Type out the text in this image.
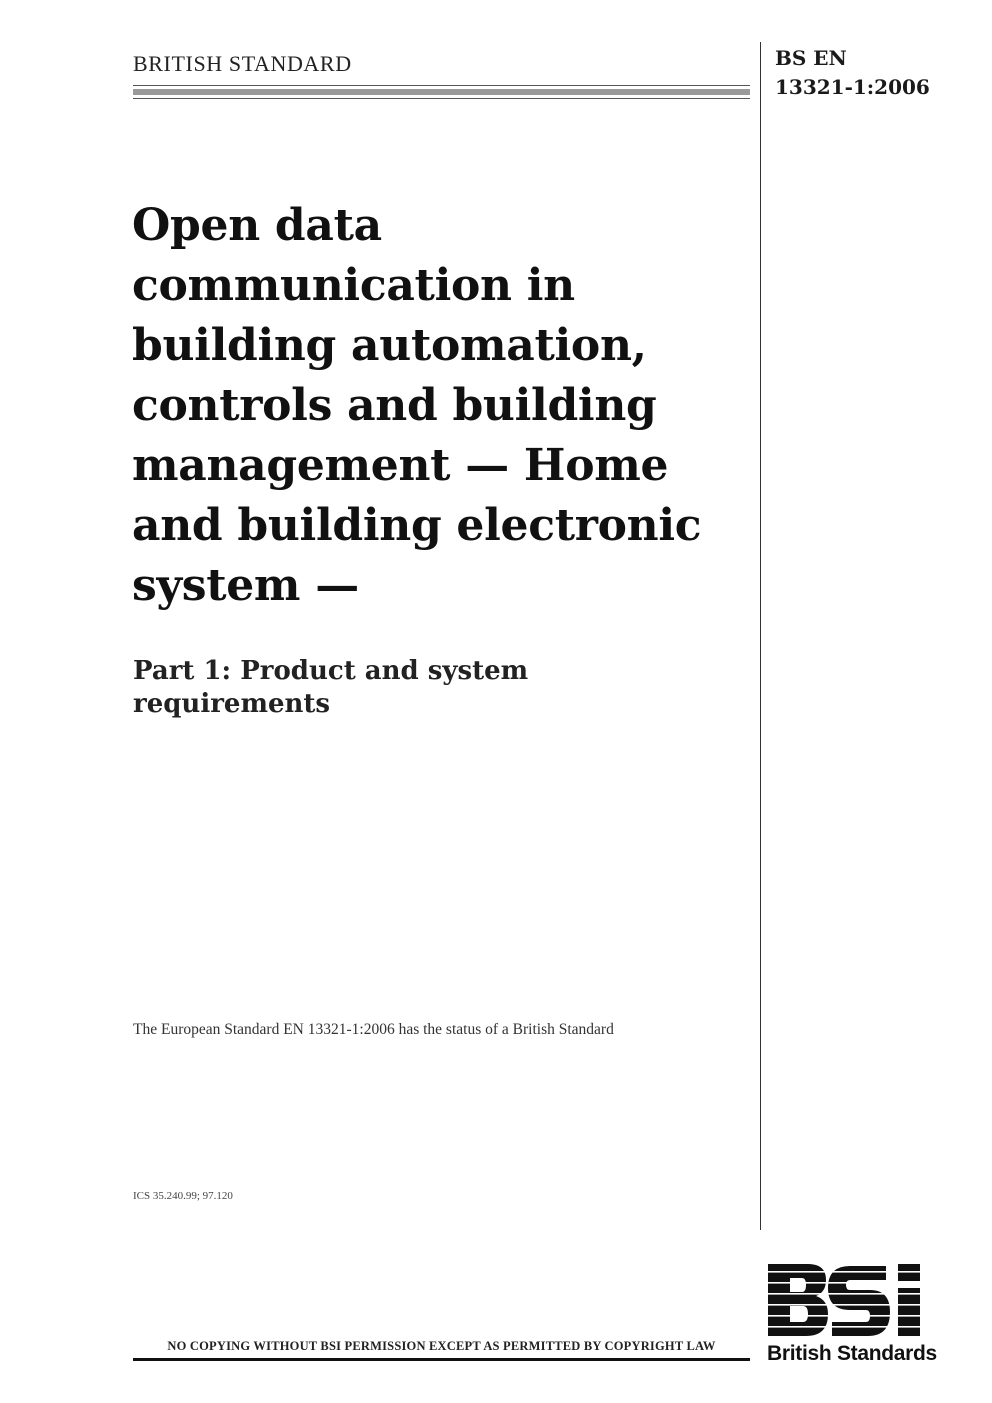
BRITISH STANDARD	BS EN
13321-1:2006
Open data communication in building automation, controls and building management — Home and building electronic system —
Part 1: Product and system requirements
The European Standard EN 13321-1:2006 has the status of a British Standard
ICS 35.240.99; 97.120
NO COPYING WITHOUT BSI PERMISSION EXCEPT AS PERMITTED BY COPYRIGHT LAW	British Standards
